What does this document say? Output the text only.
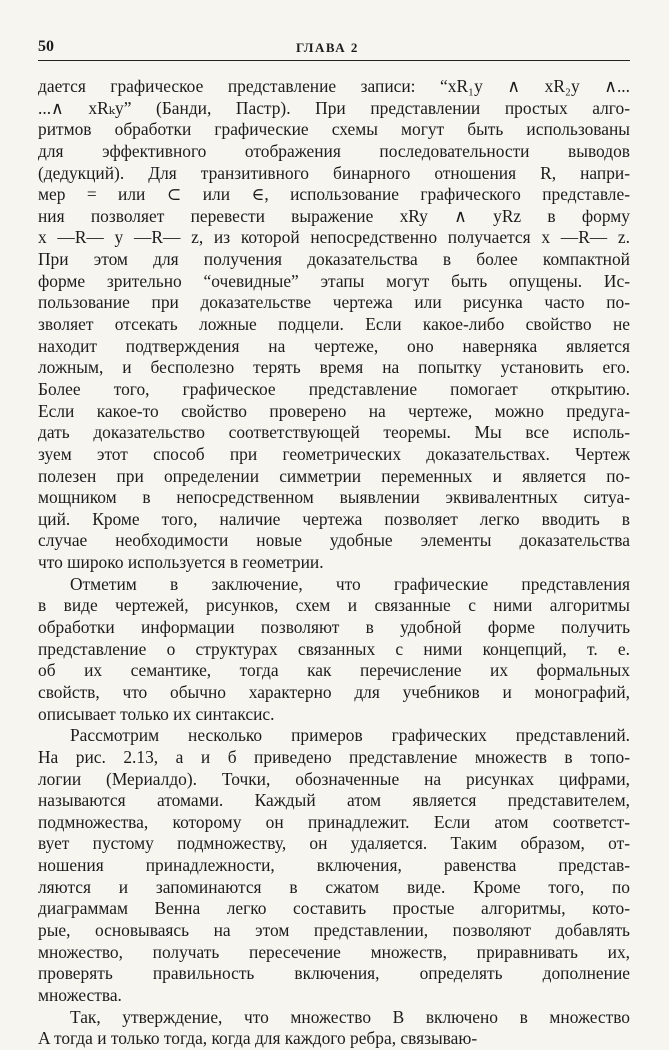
50	ГЛАВА 2
дается графическое представление записи: “xR₁y ∧ xR₂y ∧...
...∧ xRₖy” (Банди, Пастр). При представлении простых алго-
ритмов обработки графические схемы могут быть использованы
для эффективного отображения последовательности выводов
(дедукций). Для транзитивного бинарного отношения R, напри-
мер = или ⊂ или ∈, использование графического представле-
ния позволяет перевести выражение xRy ∧ yRz в форму
x —R— y —R— z, из которой непосредственно получается x —R— z.
При этом для получения доказательства в более компактной
форме зрительно “очевидные” этапы могут быть опущены. Ис-
пользование при доказательстве чертежа или рисунка часто по-
зволяет отсекать ложные подцели. Если какое-либо свойство не
находит подтверждения на чертеже, оно наверняка является
ложным, и бесполезно терять время на попытку установить его.
Более того, графическое представление помогает открытию.
Если какое-то свойство проверено на чертеже, можно предуга-
дать доказательство соответствующей теоремы. Мы все исполь-
зуем этот способ при геометрических доказательствах. Чертеж
полезен при определении симметрии переменных и является по-
мощником в непосредственном выявлении эквивалентных ситуа-
ций. Кроме того, наличие чертежа позволяет легко вводить в
случае необходимости новые удобные элементы доказательства
что широко используется в геометрии.
Отметим в заключение, что графические представления
в виде чертежей, рисунков, схем и связанные с ними алгоритмы
обработки информации позволяют в удобной форме получить
представление о структурах связанных с ними концепций, т. е.
об их семантике, тогда как перечисление их формальных
свойств, что обычно характерно для учебников и монографий,
описывает только их синтаксис.
Рассмотрим несколько примеров графических представлений.
На рис. 2.13, а и б приведено представление множеств в топо-
логии (Мериалдо). Точки, обозначенные на рисунках цифрами,
называются атомами. Каждый атом является представителем,
подмножества, которому он принадлежит. Если атом соответст-
вует пустому подмножеству, он удаляется. Таким образом, от-
ношения принадлежности, включения, равенства представ-
ляются и запоминаются в сжатом виде. Кроме того, по
диаграммам Венна легко составить простые алгоритмы, кото-
рые, основываясь на этом представлении, позволяют добавлять
множество, получать пересечение множеств, приравнивать их,
проверять правильность включения, определять дополнение
множества.
Так, утверждение, что множество B включено в множество
A тогда и только тогда, когда для каждого ребра, связываю-
